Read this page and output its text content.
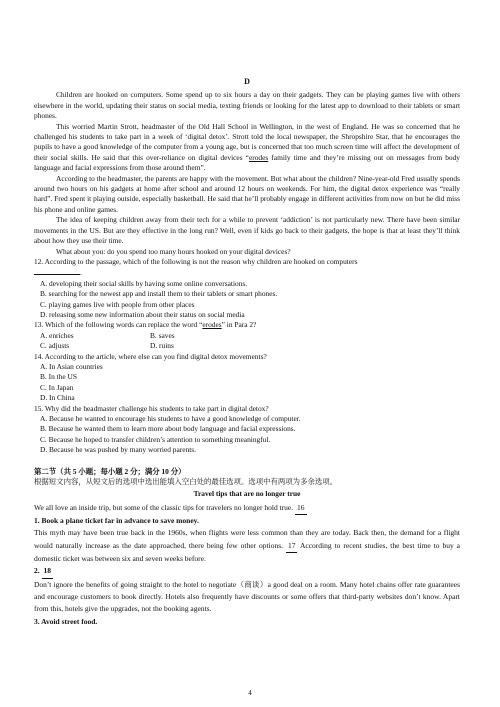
D

Children are hooked on computers. Some spend up to six hours a day on their gadgets. They can be playing games live with others elsewhere in the world, updating their status on social media, texting friends or looking for the latest app to download to their tablets or smart phones.

This worried Martin Strott, headmaster of the Old Hall School in Wellington, in the west of England. He was so concerned that he challenged his students to take part in a week of ‘digital detox’. Strott told the local newspaper, the Shropshire Star, that he encourages the pupils to have a good knowledge of the computer from a young age, but is concerned that too much screen time will affect the development of their social skills. He said that this over-reliance on digital devices “erodes family time and they’re missing out on messages from body language and facial expressions from those around them”.

According to the headmaster, the parents are happy with the movement. But what about the children? Nine-year-old Fred usually spends around two hours on his gadgets at home after school and around 12 hours on weekends. For him, the digital detox experience was “really hard”. Fred spent it playing outside, especially basketball. He said that he’ll probably engage in different activities from now on but he did miss his phone and online games.

The idea of keeping children away from their tech for a while to prevent ‘addiction’ is not particularly new. There have been similar movements in the US. But are they effective in the long run? Well, even if kids go back to their gadgets, the hope is that at least they’ll think about how they use their time.

What about you: do you spend too many hours hooked on your digital devices?

12. According to the passage, which of the following is not the reason why children are hooked on computers
.

A. developing their social skills by having some online conversations.

B. searching for the newest app and install them to their tablets or smart phones.

C. playing games live with people from other places

D. releasing some new information about their status on social media

13. Which of the following words can replace the word “erodes” in Para 2?

A. enriches	B. saves
C. adjusts	D. ruins

14. According to the article, where else can you find digital detox movements?

A. In Asian countries

B. In the US

C. In Japan

D. In China

15. Why did the headmaster challenge his students to take part in digital detox?

A. Because he wanted to encourage his students to have a good knowledge of computer.

B. Because he wanted them to learn more about body language and facial expressions.

C. Because he hoped to transfer children’s attention to something meaningful.

D. Because he was pushed by many worried parents.

第二节（共 5 小题；每小题 2 分；满分 10 分）
根据短文内容，从短文后的选项中选出能填入空白处的最佳选项。选项中有两项为多余选项。
Travel tips that are no longer true

We all love an inside trip, but some of the classic tips for travelers no longer hold true. 16

1. Book a plane ticket far in advance to save money.

This myth may have been true back in the 1960s, when flights were less common than they are today. Back then, the demand for a flight would naturally increase as the date approached, there being few other options. 17 According to recent studies, the best time to buy a domestic ticket was between six and seven weeks before.

2. 18

Don’t ignore the benefits of going straight to the hotel to negotiate（商谈）a good deal on a room. Many hotel chains offer rate guarantees and encourage customers to book directly. Hotels also frequently have discounts or some offers that third-party websites don’t know. Apart from this, hotels give the upgrades, not the booking agents.

3. Avoid street food.

4
